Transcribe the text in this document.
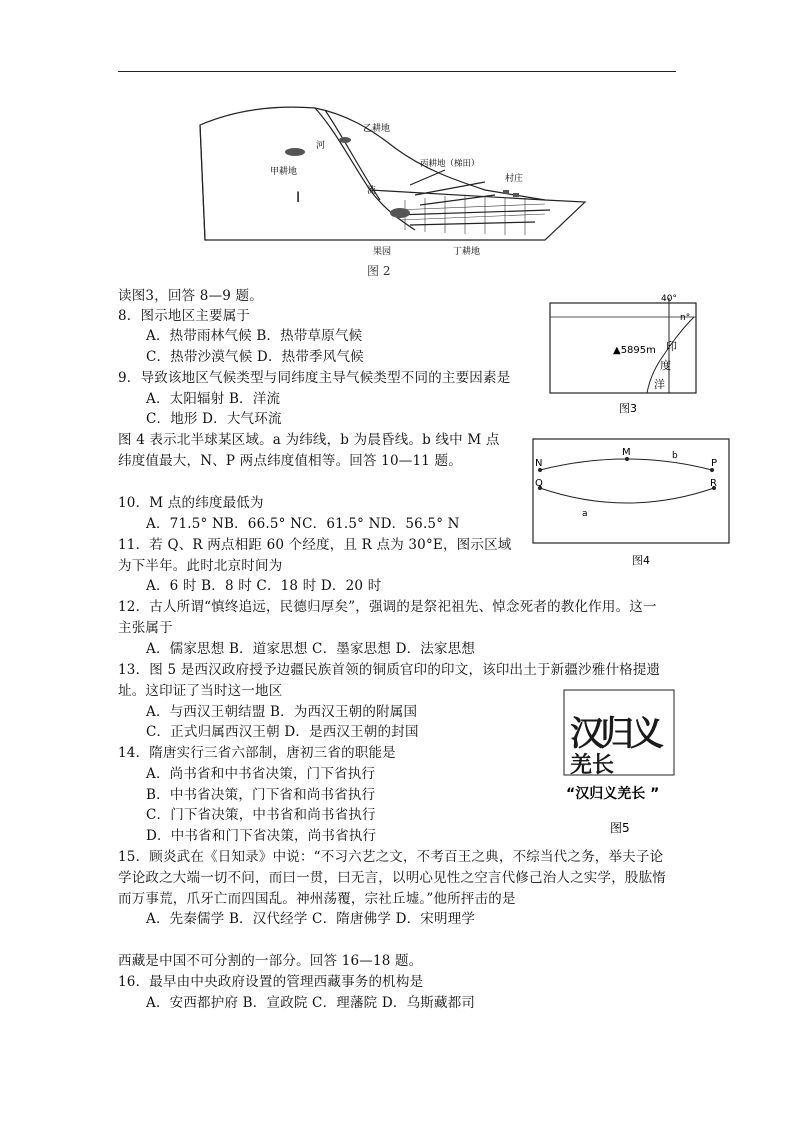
乙耕地
河
甲耕地
流
丙耕地（梯田）
村庄
果园	丁耕地
I
图 2
40°
n°
▲5895m 印
度
洋
图3
N
M
P
Q	R
a
b
图4
汉归义
羌长
“汉归义羌长 ”
图5
读图3，回答 8—9 题。
8．图示地区主要属于
A．热带雨林气候 B．热带草原气候
C．热带沙漠气候 D．热带季风气候
9．导致该地区气候类型与同纬度主导气候类型不同的主要因素是
A．太阳辐射 B．洋流
C．地形 D．大气环流
图 4 表示北半球某区域。a 为纬线，b 为晨昏线。b 线中 M 点
纬度值最大，N、P 两点纬度值相等。回答 10—11 题。
10．M 点的纬度最低为
A．71.5° NB．66.5° NC．61.5° ND．56.5° N
11．若 Q、R 两点相距 60 个经度，且 R 点为 30°E，图示区域
为下半年。此时北京时间为
A．6 时 B．8 时 C．18 时 D．20 时
12．古人所谓“慎终追远，民德归厚矣”，强调的是祭祀祖先、悼念死者的教化作用。这一
主张属于
A．儒家思想 B．道家思想 C．墨家思想 D．法家思想
13．图 5 是西汉政府授予边疆民族首领的铜质官印的印文，该印出土于新疆沙雅什格提遗
址。这印证了当时这一地区
A．与西汉王朝结盟 B．为西汉王朝的附属国
C．正式归属西汉王朝 D．是西汉王朝的封国
14．隋唐实行三省六部制，唐初三省的职能是
A．尚书省和中书省决策，门下省执行
B．中书省决策，门下省和尚书省执行
C．门下省决策，中书省和尚书省执行
D．中书省和门下省决策，尚书省执行
15．顾炎武在《日知录》中说：“不习六艺之文，不考百王之典，不综当代之务，举夫子论
学论政之大端一切不问，而曰一贯，曰无言，以明心见性之空言代修己治人之实学，股肱惰
而万事荒，爪牙亡而四国乱。神州荡覆，宗社丘墟。”他所抨击的是
A．先秦儒学 B．汉代经学 C．隋唐佛学 D．宋明理学
西藏是中国不可分割的一部分。回答 16—18 题。
16．最早由中央政府设置的管理西藏事务的机构是
A．安西都护府 B．宣政院 C．理藩院 D．乌斯藏都司
